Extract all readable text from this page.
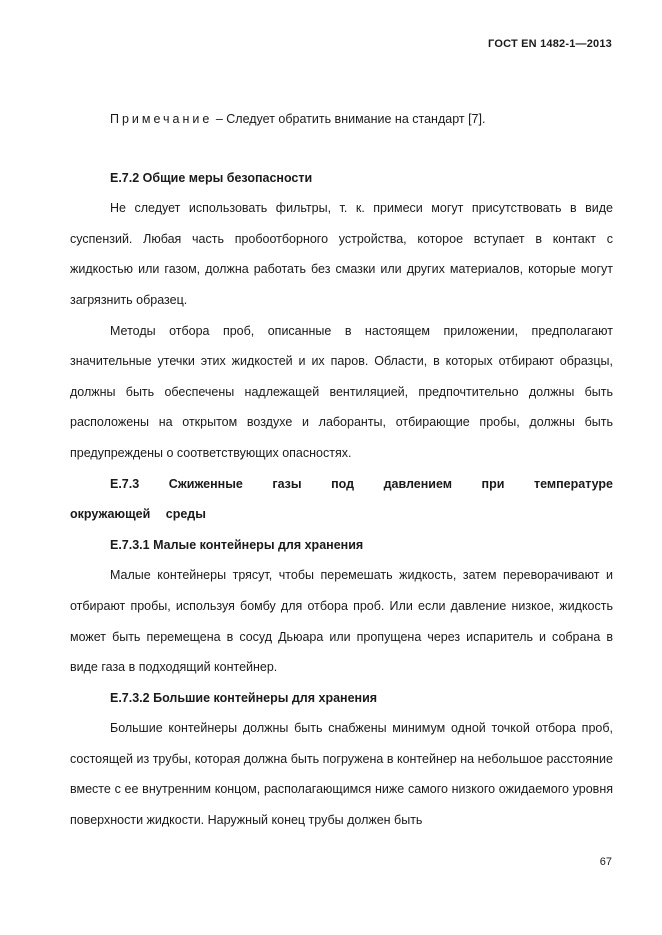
ГОСТ EN 1482-1—2013

Примечание – Следует обратить внимание на стандарт [7].

Е.7.2 Общие меры безопасности

Не следует использовать фильтры, т. к. примеси могут присутствовать в виде суспензий. Любая часть пробоотборного устройства, которое вступает в контакт с жидкостью или газом, должна работать без смазки или других материалов, которые могут загрязнить образец.

Методы отбора проб, описанные в настоящем приложении, предполагают значительные утечки этих жидкостей и их паров. Области, в которых отбирают образцы, должны быть обеспечены надлежащей вентиляцией, предпочтительно должны быть расположены на открытом воздухе и лаборанты, отбирающие пробы, должны быть предупреждены о соответствующих опасностях.

Е.7.3 Сжиженные газы под давлением при температуре окружающей среды
Е.7.3.1 Малые контейнеры для хранения

Малые контейнеры трясут, чтобы перемешать жидкость, затем переворачивают и отбирают пробы, используя бомбу для отбора проб. Или если давление низкое, жидкость может быть перемещена в сосуд Дьюара или пропущена через испаритель и собрана в виде газа в подходящий контейнер.

Е.7.3.2 Большие контейнеры для хранения

Большие контейнеры должны быть снабжены минимум одной точкой отбора проб, состоящей из трубы, которая должна быть погружена в контейнер на небольшое расстояние вместе с ее внутренним концом, располагающимся ниже самого низкого ожидаемого уровня поверхности жидкости. Наружный конец трубы должен быть

67
